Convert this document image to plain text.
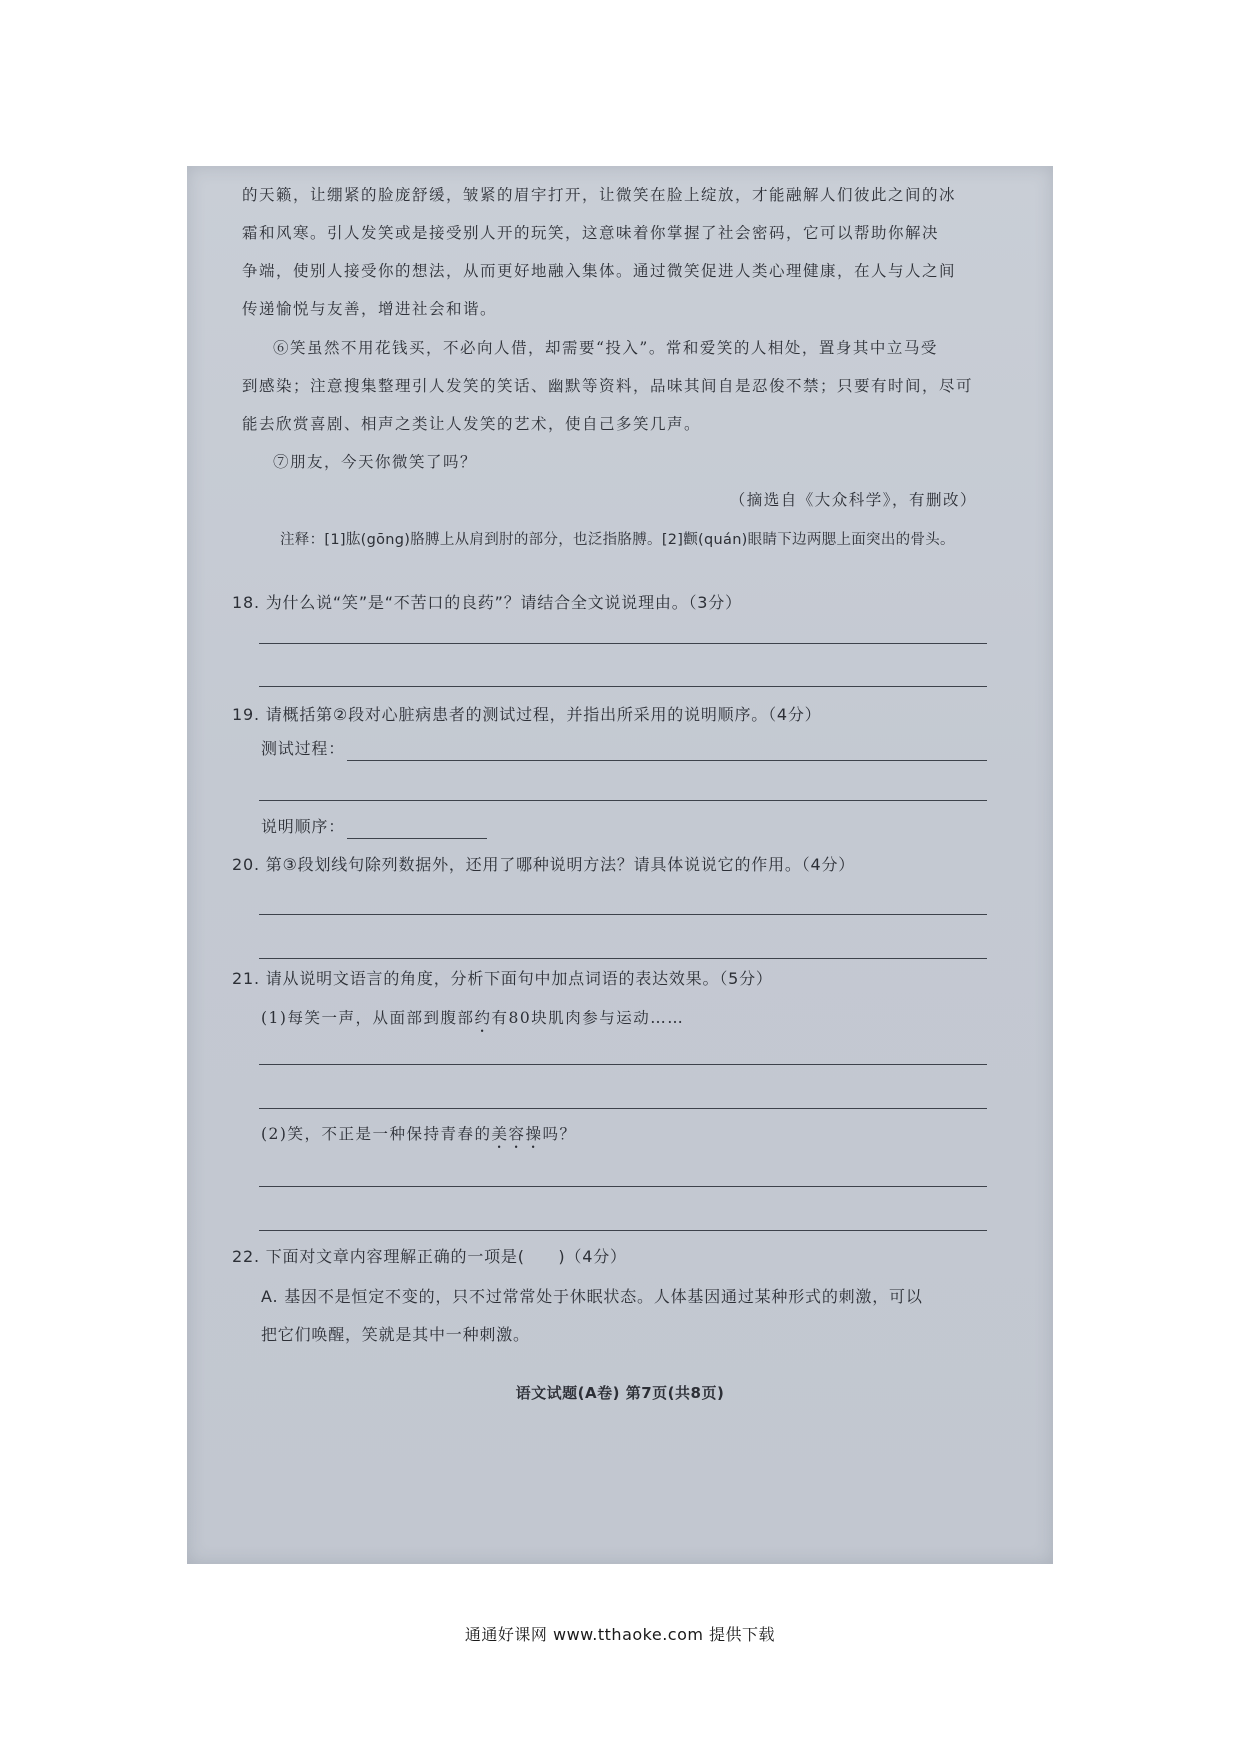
的天籁，让绷紧的脸庞舒缓，皱紧的眉宇打开，让微笑在脸上绽放，才能融解人们彼此之间的冰
霜和风寒。引人发笑或是接受别人开的玩笑，这意味着你掌握了社会密码，它可以帮助你解决
争端，使别人接受你的想法，从而更好地融入集体。通过微笑促进人类心理健康，在人与人之间
传递愉悦与友善，增进社会和谐。
⑥笑虽然不用花钱买，不必向人借，却需要“投入”。常和爱笑的人相处，置身其中立马受
到感染；注意搜集整理引人发笑的笑话、幽默等资料，品味其间自是忍俊不禁；只要有时间，尽可
能去欣赏喜剧、相声之类让人发笑的艺术，使自己多笑几声。
⑦朋友，今天你微笑了吗？
（摘选自《大众科学》，有删改）
注释：[1]肱(gōng)胳膊上从肩到肘的部分，也泛指胳膊。[2]颧(quán)眼睛下边两腮上面突出的骨头。
18. 为什么说“笑”是“不苦口的良药”？请结合全文说说理由。（3分）
19. 请概括第②段对心脏病患者的测试过程，并指出所采用的说明顺序。（4分）
测试过程：
说明顺序：
20. 第③段划线句除列数据外，还用了哪种说明方法？请具体说说它的作用。（4分）
21. 请从说明文语言的角度，分析下面句中加点词语的表达效果。（5分）
(1)每笑一声，从面部到腹部约有80块肌肉参与运动……
(2)笑，不正是一种保持青春的美容操吗？
22. 下面对文章内容理解正确的一项是(　　)（4分）
A. 基因不是恒定不变的，只不过常常处于休眠状态。人体基因通过某种形式的刺激，可以
把它们唤醒，笑就是其中一种刺激。
语文试题(A卷) 第7页(共8页)
通通好课网 www.tthaoke.com 提供下载
